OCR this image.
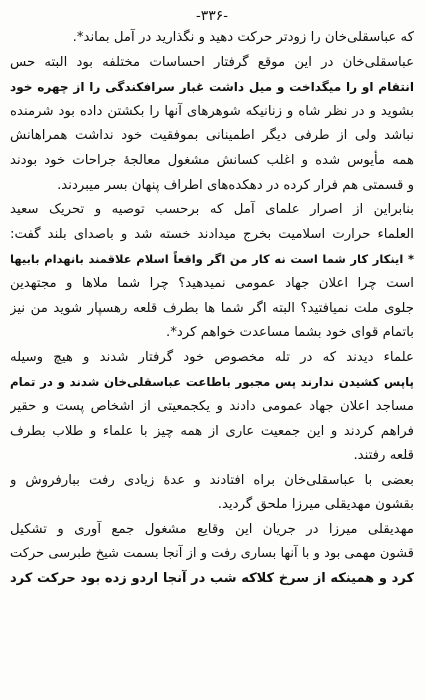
-۳۳۶-
که عباسقلی‌خان را زودتر حرکت دهید و نگذارید در آمل بماند*.
عباسقلی‌خان در این موقع گرفتار احساسات مختلفه بود البته حس
انتقام او را میگداخت و میل داشت غبار سرافکندگی را از چهره خود
بشوید و در نظر شاه و زنانیکه شوهرهای آنها را بکشتن داده بود شرمنده
نباشد ولی از طرفی دیگر اطمینانی بموفقیت خود نداشت همراهانش
همه مأیوس شده و اغلب کسانش مشغول معالجهٔ جراحات خود بودند
و قسمتی هم فرار کرده در دهکده‌های اطراف پنهان بسر میبردند.
بنابراین از اصرار علمای آمل که برحسب توصیه و تحریک سعید
العلماء حرارت اسلامیت بخرج میدادند خسته شد و باصدای بلند گفت:
* اینکار کار شما است نه کار من اگر واقعاً اسلام علاقمند بانهدام بابیها
است چرا اعلان جهاد عمومی نمیدهید؟ چرا شما ملاها و مجتهدین
جلوی ملت نمیافتید؟ البته اگر شما ها بطرف قلعه رهسپار شوید من نیز
باتمام قوای خود بشما مساعدت خواهم کرد*.
علماء دیدند که در تله مخصوص خود گرفتار شدند و هیچ وسیله
پاپس کشیدن ندارند پس مجبور باطاعت عباسقلی‌خان شدند و در تمام
مساجد اعلان جهاد عمومی دادند و یکجمعیتی از اشخاص پست و حقیر
فراهم کردند و این جمعیت عاری از همه چیز با علماء و طلاب بطرف
قلعه رفتند.
بعضی با عباسقلی‌خان براه افتادند و عدهٔ زیادی رفت ببارفروش و
بقشون مهدیقلی میرزا ملحق گردید.
مهدیقلی میرزا در جریان این وقایع مشغول جمع آوری و تشکیل
قشون مهمی بود و با آنها بساری رفت و از آنجا بسمت شیخ طبرسی حرکت
کرد و همینکه از سرخ کلاکه شب در آنجا اردو زده بود حرکت کرد
